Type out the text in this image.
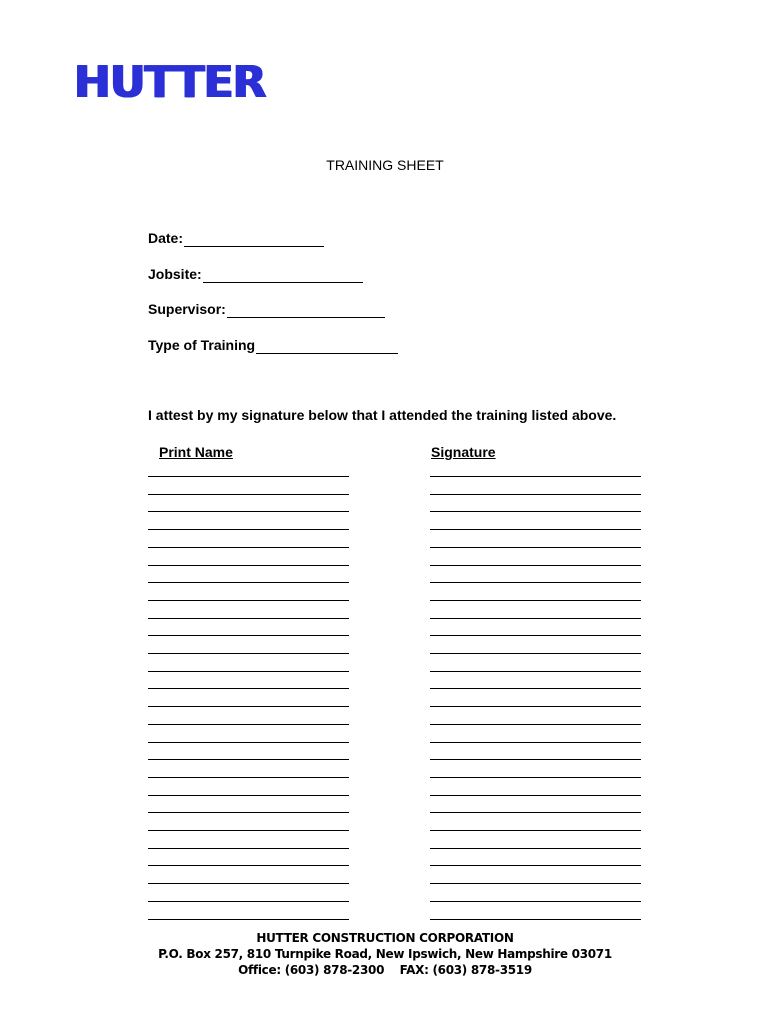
HUTTER
TRAINING SHEET
Date:
Jobsite:
Supervisor:
Type of Training
I attest by my signature below that I attended the training listed above.
Print Name	Signature
HUTTER CONSTRUCTION CORPORATION
P.O. Box 257, 810 Turnpike Road, New Ipswich, New Hampshire 03071
Office: (603) 878-2300    FAX: (603) 878-3519
